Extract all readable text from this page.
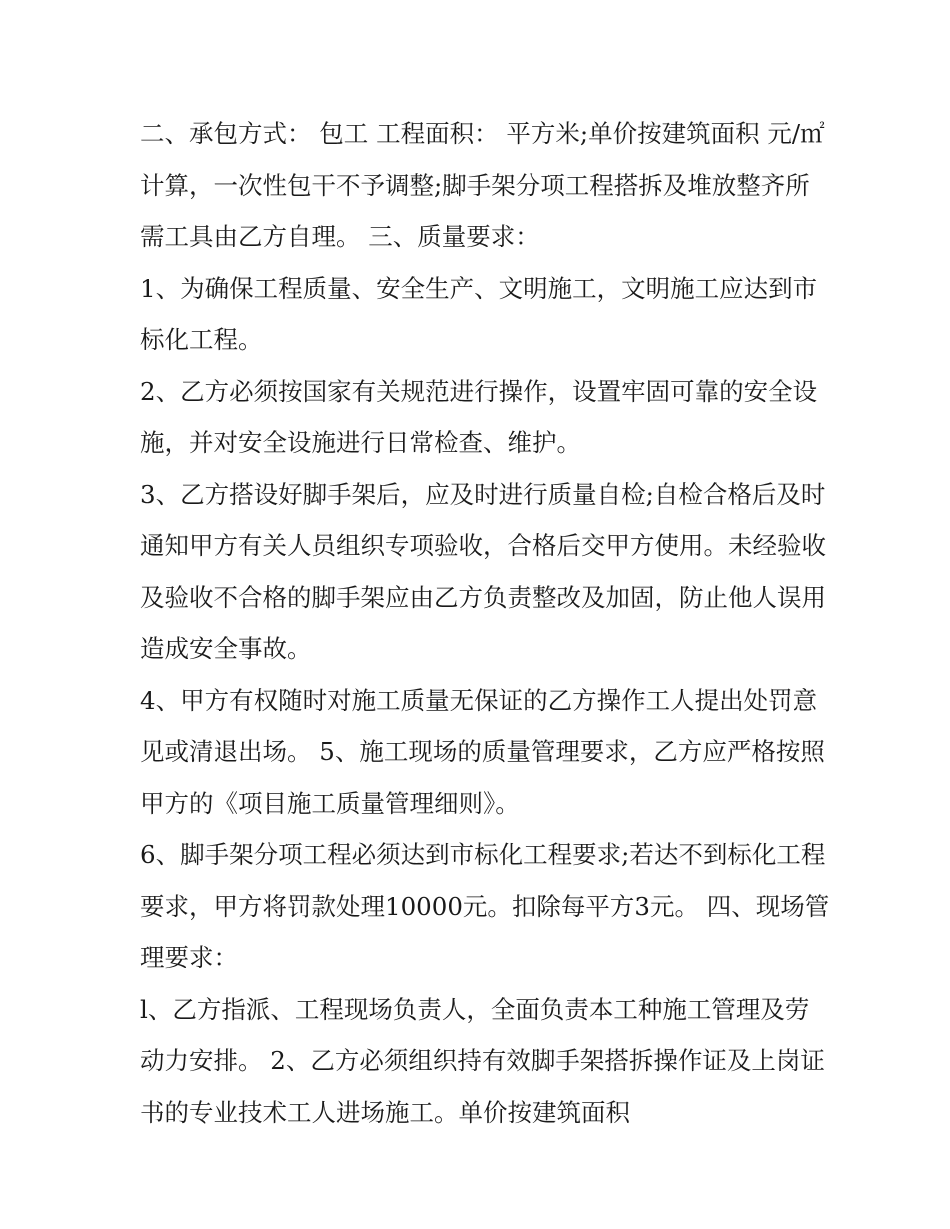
二、承包方式： 包工 工程面积： 平方米;单价按建筑面积 元/㎡计算，一次性包干不予调整;脚手架分项工程搭拆及堆放整齐所需工具由乙方自理。 三、质量要求：

1、为确保工程质量、安全生产、文明施工，文明施工应达到市标化工程。

2、乙方必须按国家有关规范进行操作，设置牢固可靠的安全设施，并对安全设施进行日常检查、维护。

3、乙方搭设好脚手架后，应及时进行质量自检;自检合格后及时通知甲方有关人员组织专项验收，合格后交甲方使用。未经验收及验收不合格的脚手架应由乙方负责整改及加固，防止他人误用造成安全事故。

4、甲方有权随时对施工质量无保证的乙方操作工人提出处罚意见或清退出场。 5、施工现场的质量管理要求，乙方应严格按照甲方的《项目施工质量管理细则》。

6、脚手架分项工程必须达到市标化工程要求;若达不到标化工程要求，甲方将罚款处理10000元。扣除每平方3元。 四、现场管理要求：

l、乙方指派、工程现场负责人，全面负责本工种施工管理及劳动力安排。 2、乙方必须组织持有效脚手架搭拆操作证及上岗证书的专业技术工人进场施工。单价按建筑面积
